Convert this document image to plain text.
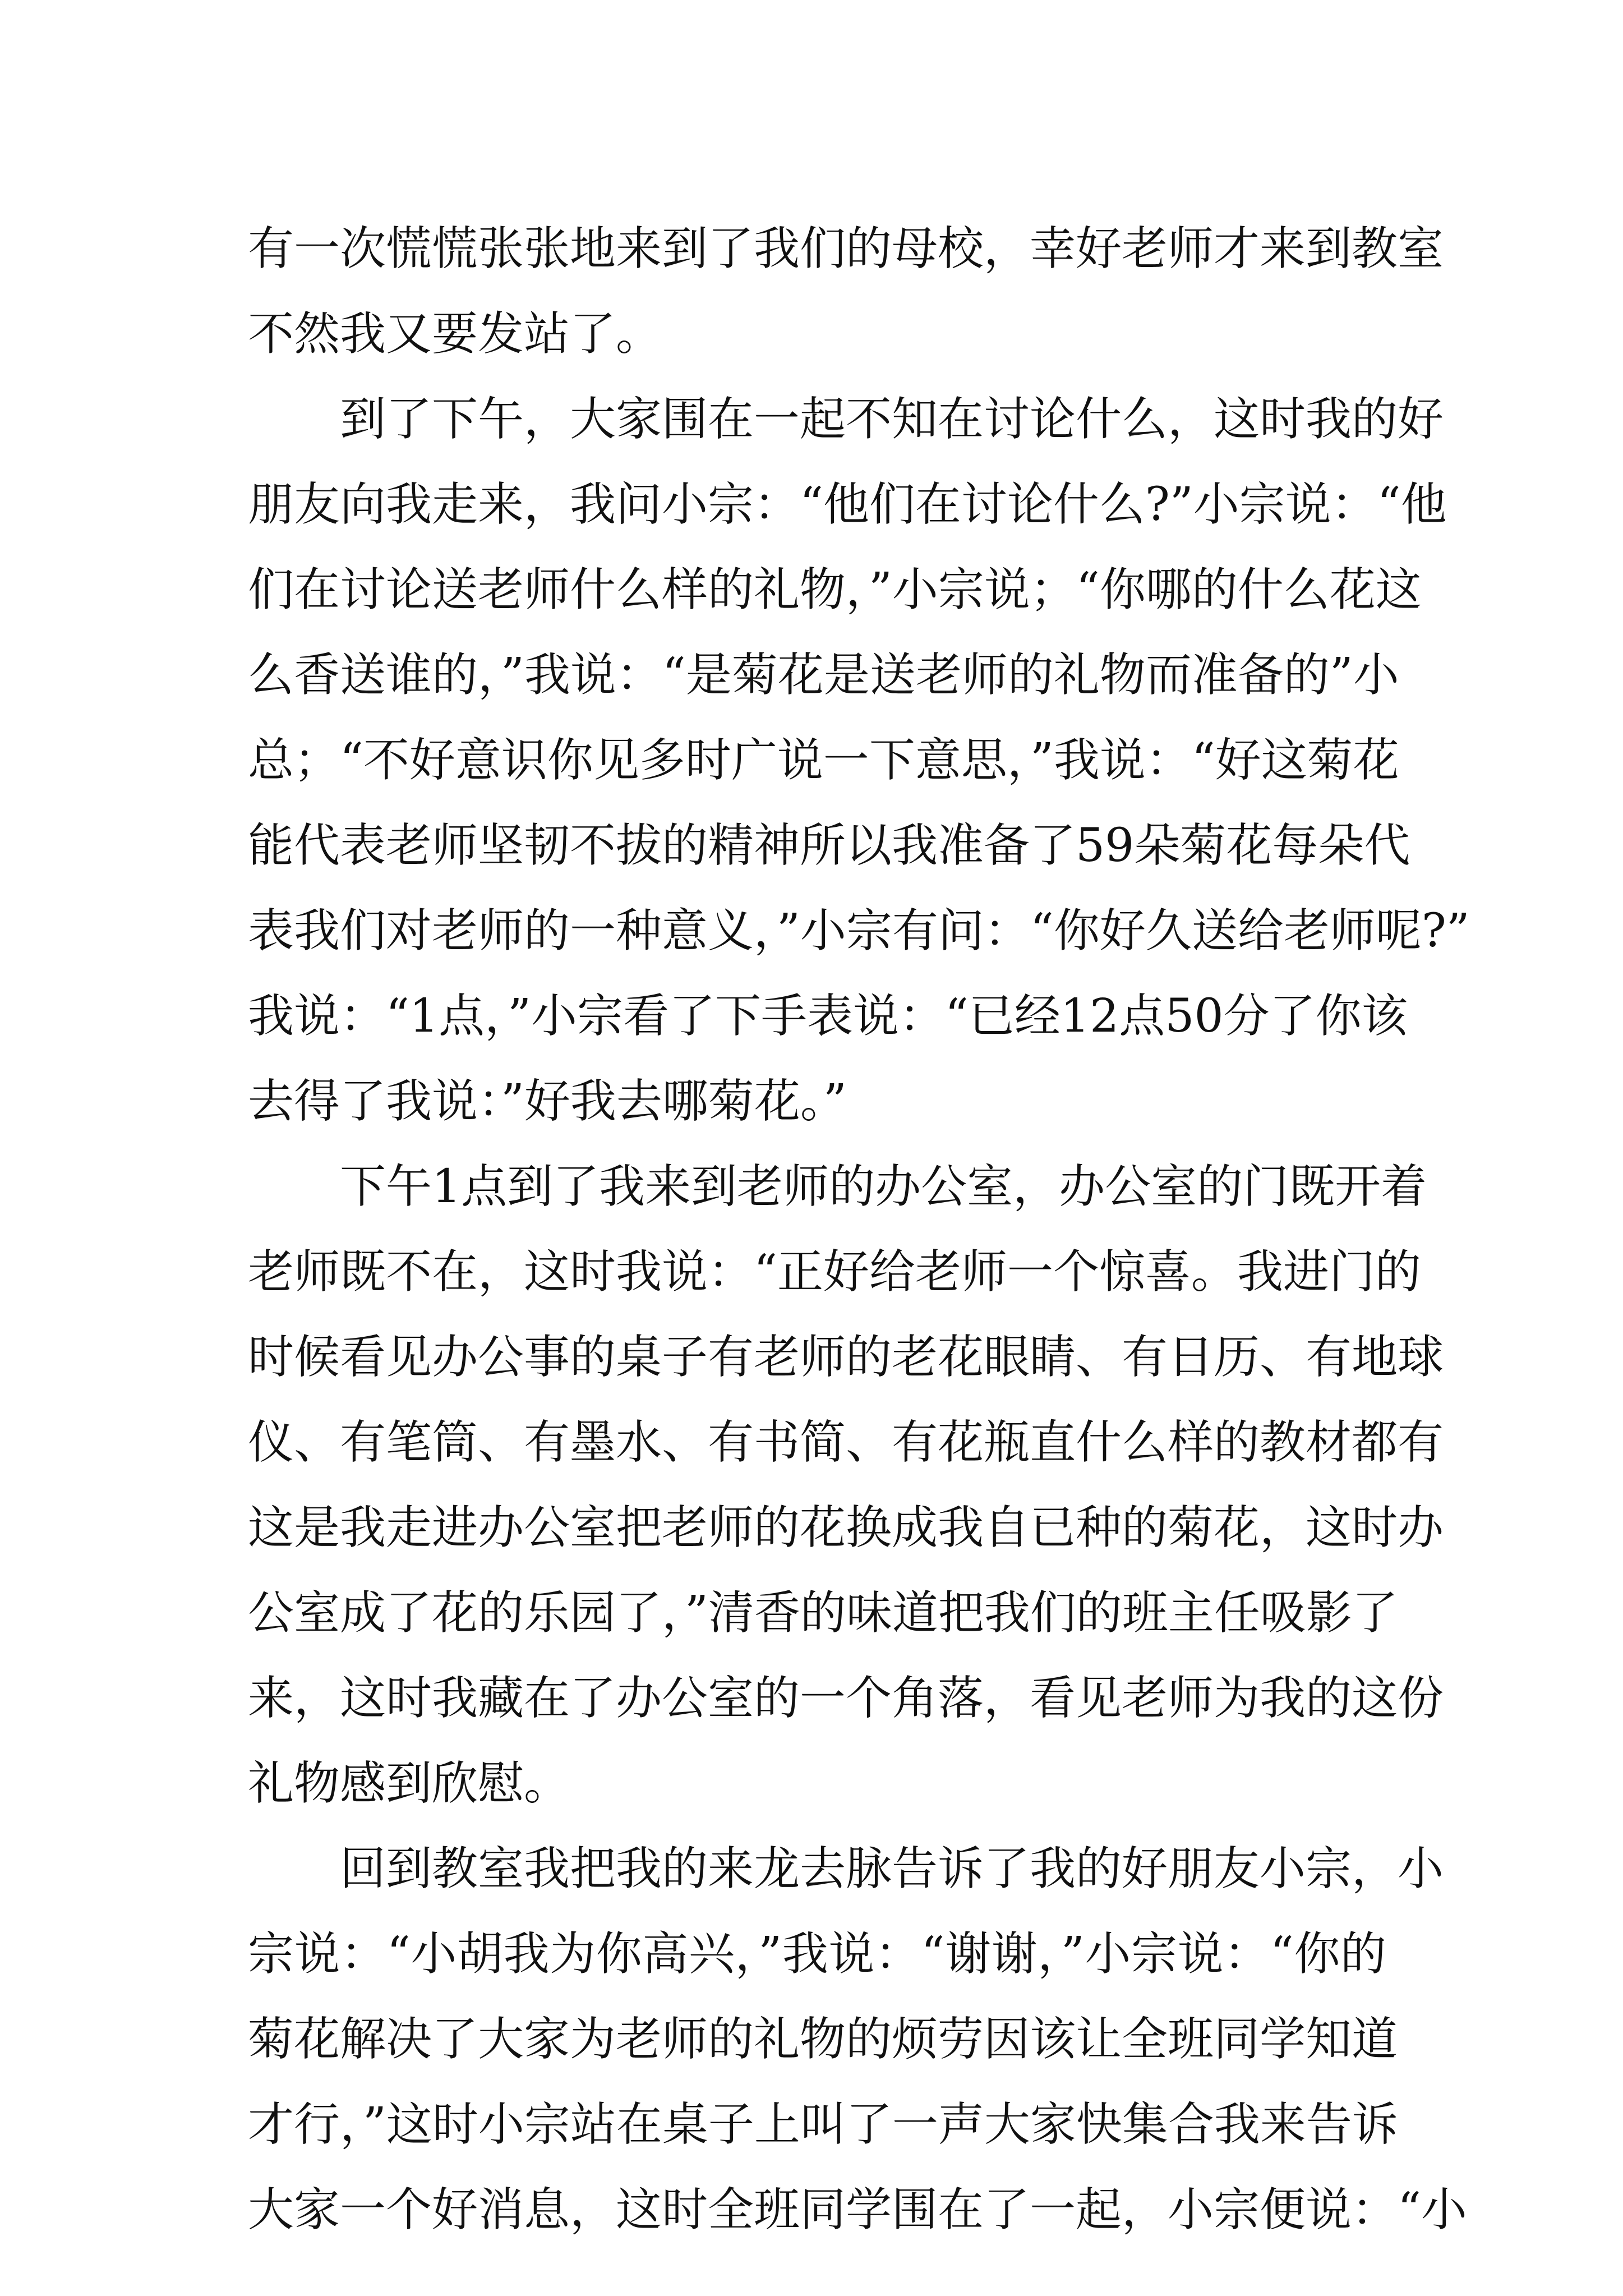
有一次慌慌张张地来到了我们的母校，幸好老师才来到教室
不然我又要发站了。
到了下午，大家围在一起不知在讨论什么，这时我的好
朋友向我走来，我问小宗：“他们在讨论什么?”小宗说：“他
们在讨论送老师什么样的礼物，”小宗说；“你哪的什么花这
么香送谁的，”我说：“是菊花是送老师的礼物而准备的”小
总；“不好意识你见多时广说一下意思，”我说：“好这菊花
能代表老师坚韧不拔的精神所以我准备了59朵菊花每朵代
表我们对老师的一种意义，”小宗有问：“你好久送给老师呢?”
我说：“1点，”小宗看了下手表说：“已经12点50分了你该
去得了我说：”好我去哪菊花。”
下午1点到了我来到老师的办公室，办公室的门既开着
老师既不在，这时我说：“正好给老师一个惊喜。我进门的
时候看见办公事的桌子有老师的老花眼睛、有日历、有地球
仪、有笔筒、有墨水、有书简、有花瓶直什么样的教材都有
这是我走进办公室把老师的花换成我自已种的菊花，这时办
公室成了花的乐园了，”清香的味道把我们的班主任吸影了
来，这时我藏在了办公室的一个角落，看见老师为我的这份
礼物感到欣慰。
回到教室我把我的来龙去脉告诉了我的好朋友小宗，小
宗说：“小胡我为你高兴，”我说：“谢谢，”小宗说：“你的
菊花解决了大家为老师的礼物的烦劳因该让全班同学知道
才行，”这时小宗站在桌子上叫了一声大家快集合我来告诉
大家一个好消息，这时全班同学围在了一起，小宗便说：“小
